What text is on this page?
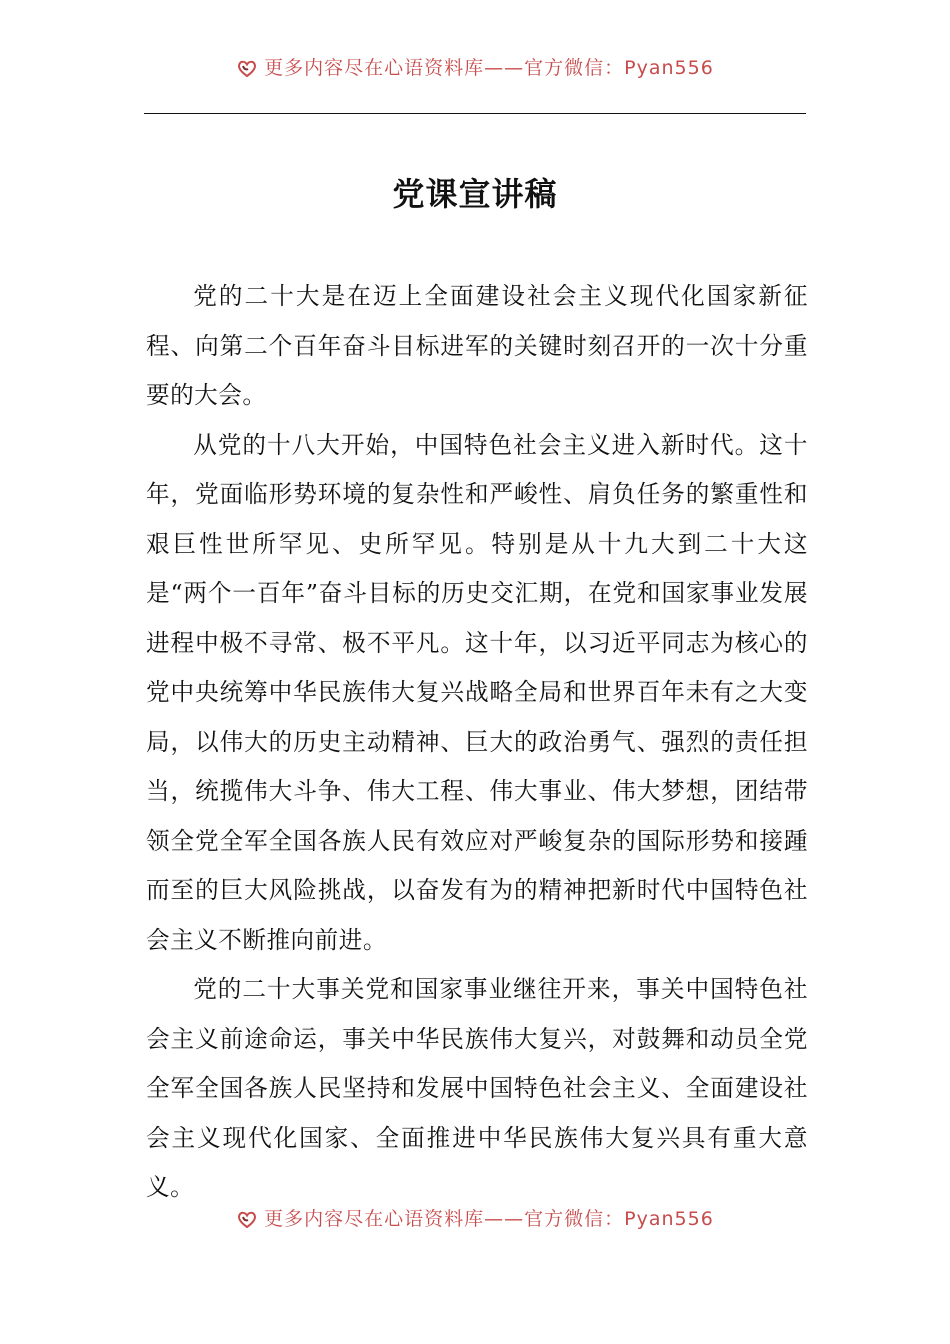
更多内容尽在心语资料库——官方微信：Pyan556
党课宣讲稿

党的二十大是在迈上全面建设社会主义现代化国家新征程、向第二个百年奋斗目标进军的关键时刻召开的一次十分重要的大会。

从党的十八大开始，中国特色社会主义进入新时代。这十年，党面临形势环境的复杂性和严峻性、肩负任务的繁重性和艰巨性世所罕见、史所罕见。特别是从十九大到二十大这是“两个一百年”奋斗目标的历史交汇期，在党和国家事业发展进程中极不寻常、极不平凡。这十年，以习近平同志为核心的党中央统筹中华民族伟大复兴战略全局和世界百年未有之大变局，以伟大的历史主动精神、巨大的政治勇气、强烈的责任担当，统揽伟大斗争、伟大工程、伟大事业、伟大梦想，团结带领全党全军全国各族人民有效应对严峻复杂的国际形势和接踵而至的巨大风险挑战，以奋发有为的精神把新时代中国特色社会主义不断推向前进。

党的二十大事关党和国家事业继往开来，事关中国特色社会主义前途命运，事关中华民族伟大复兴，对鼓舞和动员全党全军全国各族人民坚持和发展中国特色社会主义、全面建设社会主义现代化国家、全面推进中华民族伟大复兴具有重大意义。

更多内容尽在心语资料库——官方微信：Pyan556
